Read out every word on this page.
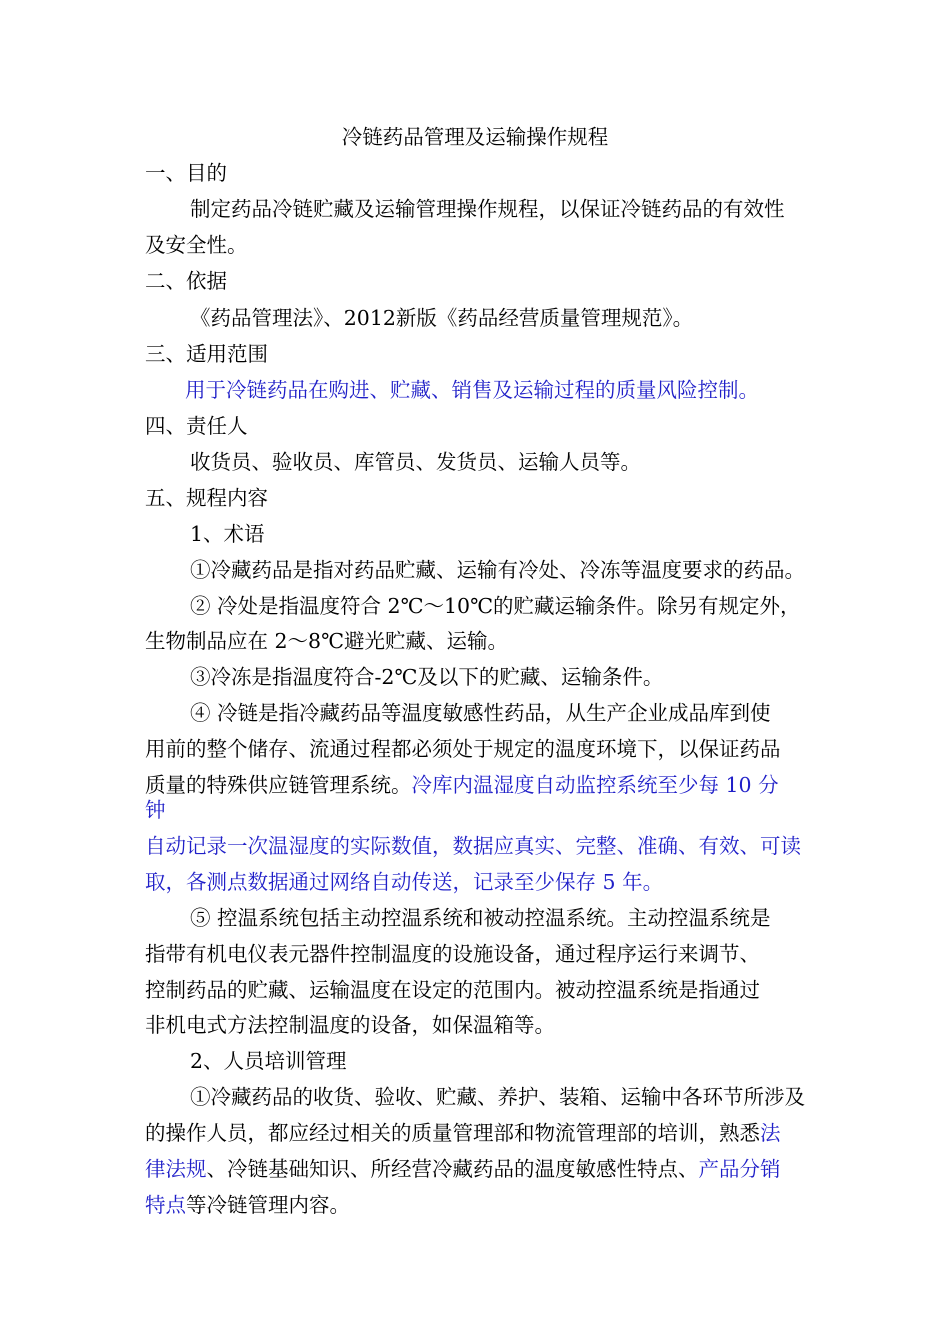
冷链药品管理及运输操作规程
一、目的
制定药品冷链贮藏及运输管理操作规程，以保证冷链药品的有效性
及安全性。
二、依据
《药品管理法》、2012新版《药品经营质量管理规范》。
三、适用范围
用于冷链药品在购进、贮藏、销售及运输过程的质量风险控制。
四、责任人
收货员、验收员、库管员、发货员、运输人员等。
五、规程内容
1、术语
①冷藏药品是指对药品贮藏、运输有冷处、冷冻等温度要求的药品。
② 冷处是指温度符合 2℃～10℃的贮藏运输条件。除另有规定外，
生物制品应在 2～8℃避光贮藏、运输。
③冷冻是指温度符合-2℃及以下的贮藏、运输条件。
④ 冷链是指冷藏药品等温度敏感性药品，从生产企业成品库到使
用前的整个储存、流通过程都必须处于规定的温度环境下，以保证药品
质量的特殊供应链管理系统。冷库内温湿度自动监控系统至少每 10 分
钟
自动记录一次温湿度的实际数值，数据应真实、完整、准确、有效、可读
取，各测点数据通过网络自动传送，记录至少保存 5 年。
⑤ 控温系统包括主动控温系统和被动控温系统。主动控温系统是
指带有机电仪表元器件控制温度的设施设备，通过程序运行来调节、
控制药品的贮藏、运输温度在设定的范围内。被动控温系统是指通过
非机电式方法控制温度的设备，如保温箱等。
2、人员培训管理
①冷藏药品的收货、验收、贮藏、养护、装箱、运输中各环节所涉及
的操作人员，都应经过相关的质量管理部和物流管理部的培训，熟悉法
律法规、冷链基础知识、所经营冷藏药品的温度敏感性特点、产品分销
特点等冷链管理内容。
